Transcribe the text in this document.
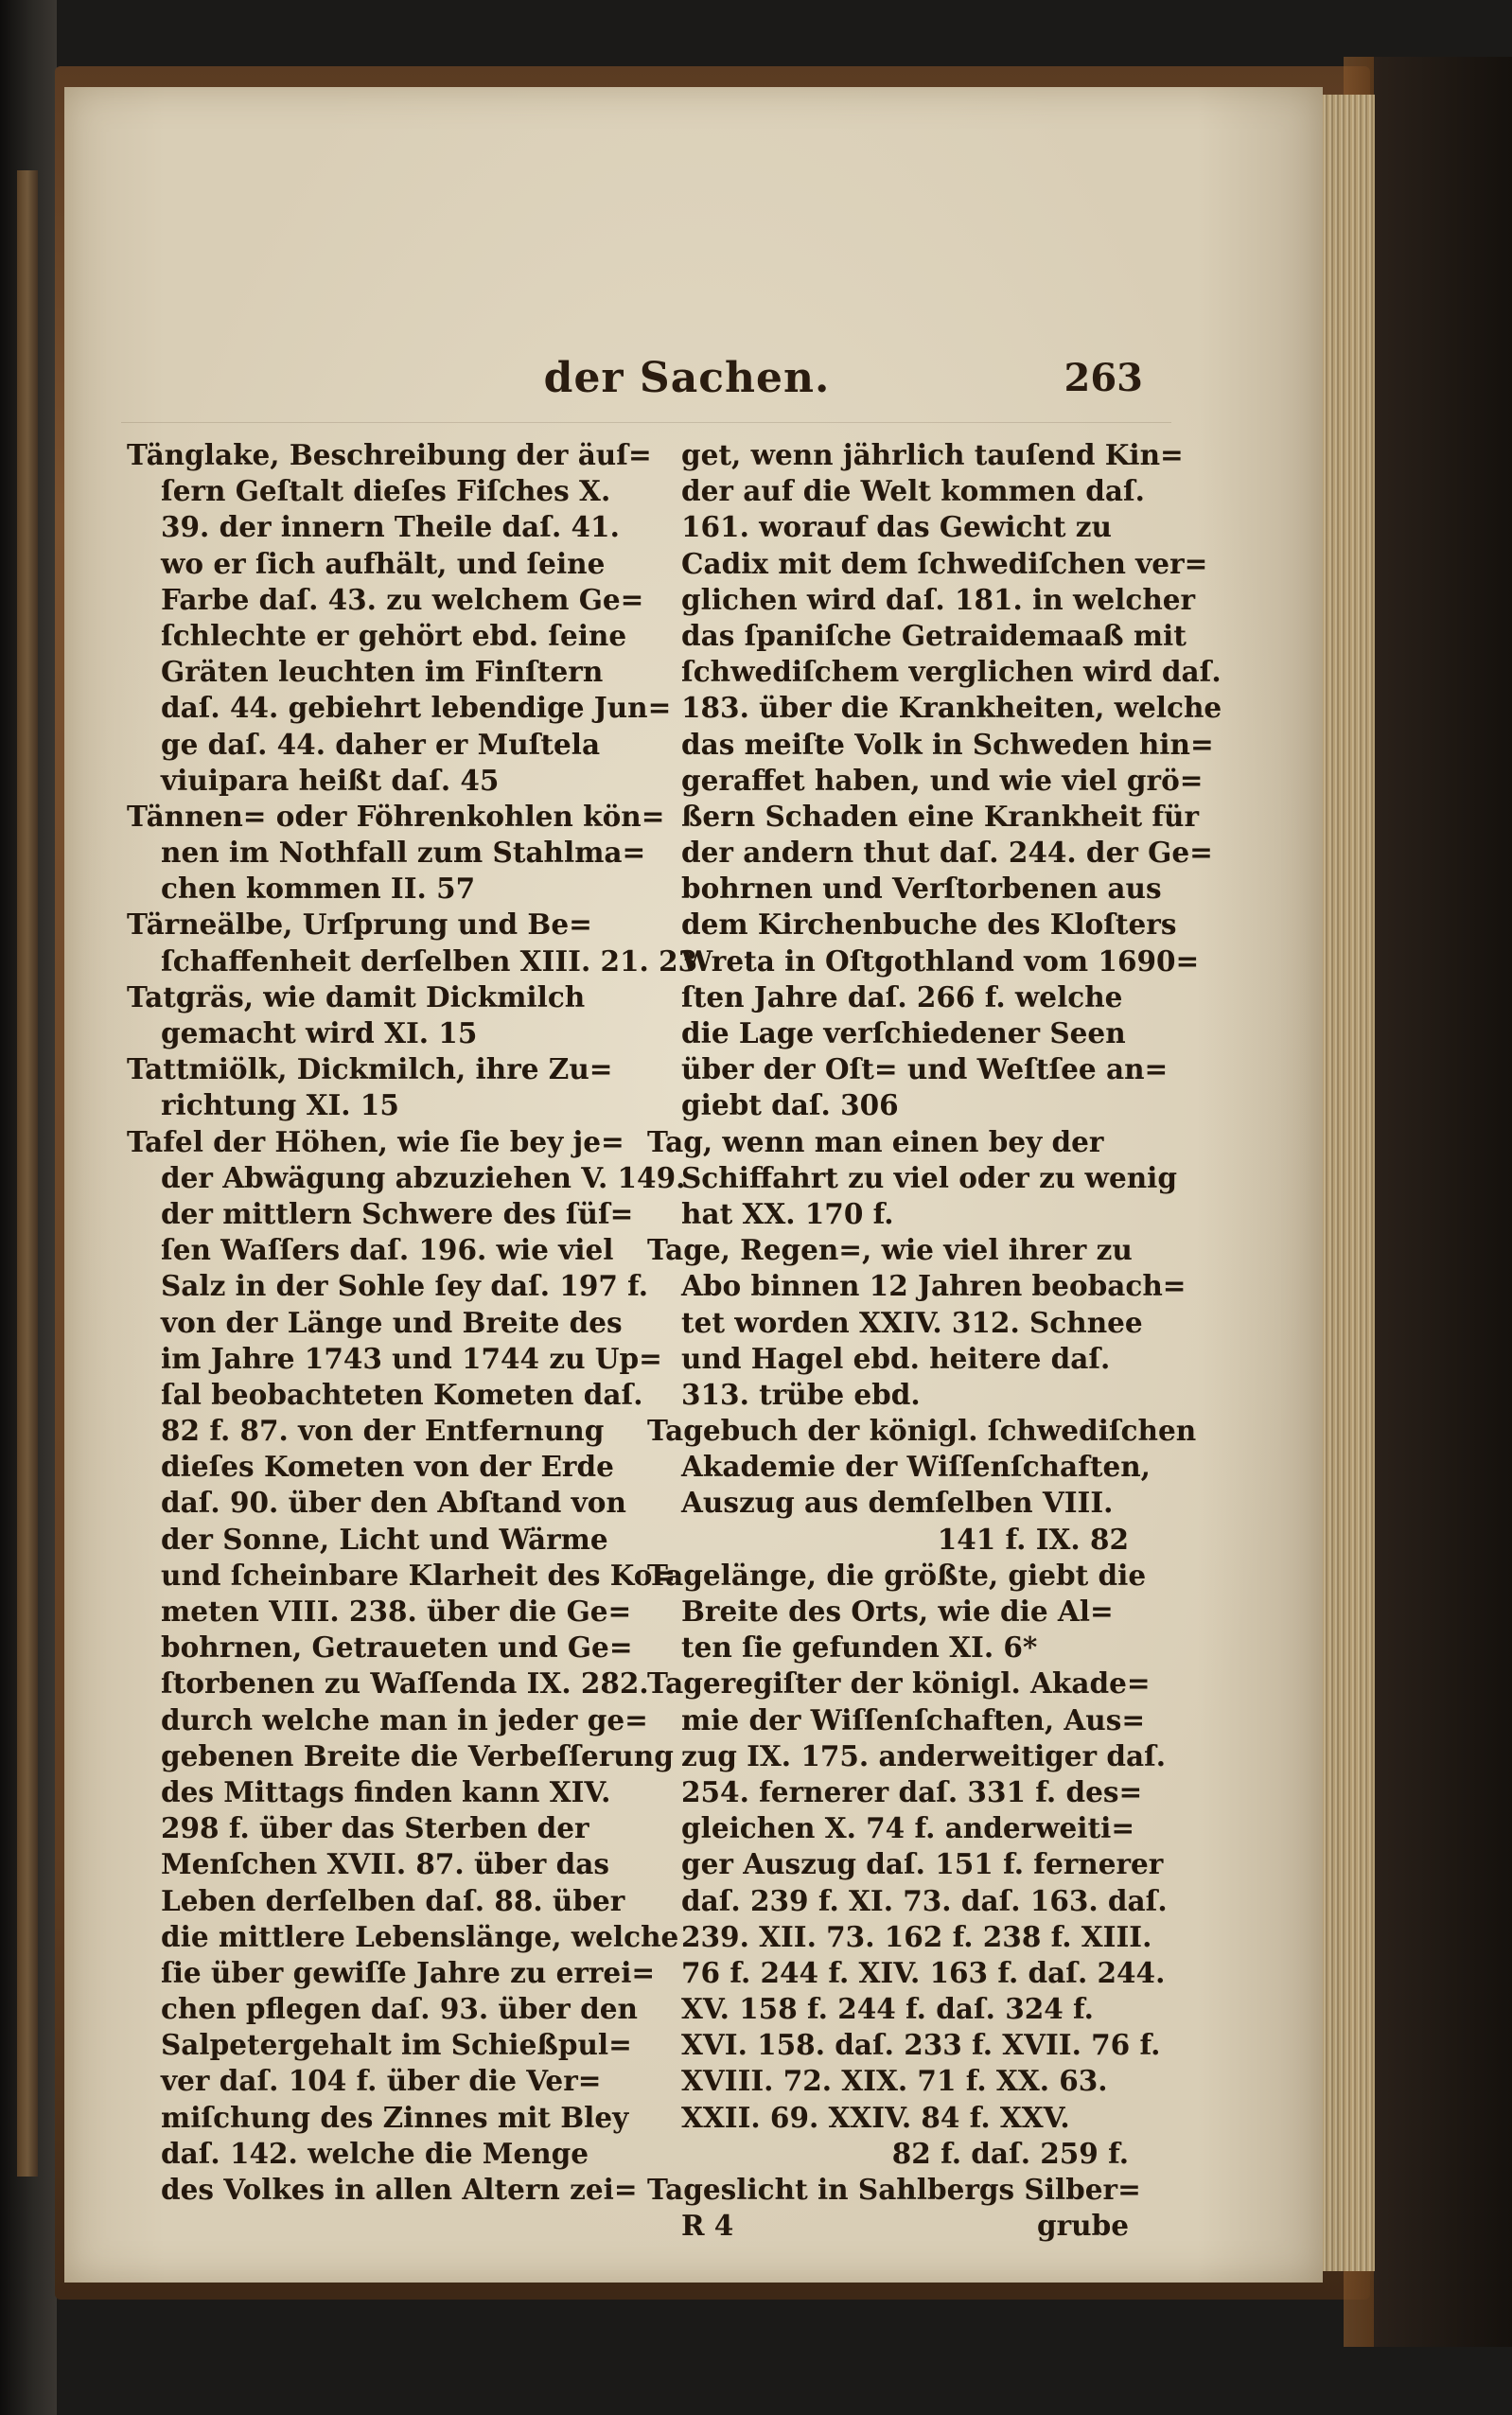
der Sachen.	263
Tänglake, Beschreibung der äuſ=
ſern Geſtalt dieſes Fiſches X.
39. der innern Theile daſ. 41.
wo er ſich aufhält, und ſeine
Farbe daſ. 43. zu welchem Ge=
ſchlechte er gehört ebd. ſeine
Gräten leuchten im Finſtern
daſ. 44. gebiehrt lebendige Jun=
ge daſ. 44. daher er Muſtela
viuipara heißt daſ. 45
Tännen= oder Föhrenkohlen kön=
nen im Nothfall zum Stahlma=
chen kommen II. 57
Tärneälbe, Urſprung und Be=
ſchaffenheit derſelben XIII. 21. 23
Tatgräs, wie damit Dickmilch
gemacht wird XI. 15
Tattmiölk, Dickmilch, ihre Zu=
richtung XI. 15
Tafel der Höhen, wie ſie bey je=
der Abwägung abzuziehen V. 149.
der mittlern Schwere des ſüſ=
ſen Waſſers daſ. 196. wie viel
Salz in der Sohle ſey daſ. 197 f.
von der Länge und Breite des
im Jahre 1743 und 1744 zu Up=
ſal beobachteten Kometen daſ.
82 f. 87. von der Entfernung
dieſes Kometen von der Erde
daſ. 90. über den Abſtand von
der Sonne, Licht und Wärme
und ſcheinbare Klarheit des Ko=
meten VIII. 238. über die Ge=
bohrnen, Getraueten und Ge=
ſtorbenen zu Waſſenda IX. 282.
durch welche man in jeder ge=
gebenen Breite die Verbeſſerung
des Mittags finden kann XIV.
298 f. über das Sterben der
Menſchen XVII. 87. über das
Leben derſelben daſ. 88. über
die mittlere Lebenslänge, welche
ſie über gewiſſe Jahre zu errei=
chen pflegen daſ. 93. über den
Salpetergehalt im Schießpul=
ver daſ. 104 f. über die Ver=
miſchung des Zinnes mit Bley
daſ. 142. welche die Menge
des Volkes in allen Altern zei=
get, wenn jährlich tauſend Kin=
der auf die Welt kommen daſ.
161. worauf das Gewicht zu
Cadix mit dem ſchwediſchen ver=
glichen wird daſ. 181. in welcher
das ſpaniſche Getraidemaaß mit
ſchwediſchem verglichen wird daſ.
183. über die Krankheiten, welche
das meiſte Volk in Schweden hin=
geraffet haben, und wie viel grö=
ßern Schaden eine Krankheit für
der andern thut daſ. 244. der Ge=
bohrnen und Verſtorbenen aus
dem Kirchenbuche des Kloſters
Wreta in Oſtgothland vom 1690=
ſten Jahre daſ. 266 f. welche
die Lage verſchiedener Seen
über der Oſt= und Weſtſee an=
giebt daſ. 306
Tag, wenn man einen bey der
Schiffahrt zu viel oder zu wenig
hat XX. 170 f.
Tage, Regen=, wie viel ihrer zu
Abo binnen 12 Jahren beobach=
tet worden XXIV. 312. Schnee
und Hagel ebd. heitere daſ.
313. trübe ebd.
Tagebuch der königl. ſchwediſchen
Akademie der Wiſſenſchaften,
Auszug aus demſelben VIII.
141 f. IX. 82
Tagelänge, die größte, giebt die
Breite des Orts, wie die Al=
ten ſie gefunden XI. 6*
Tageregiſter der königl. Akade=
mie der Wiſſenſchaften, Aus=
zug IX. 175. anderweitiger daſ.
254. fernerer daſ. 331 f. des=
gleichen X. 74 f. anderweiti=
ger Auszug daſ. 151 f. fernerer
daſ. 239 f. XI. 73. daſ. 163. daſ.
239. XII. 73. 162 f. 238 f. XIII.
76 f. 244 f. XIV. 163 f. daſ. 244.
XV. 158 f. 244 f. daſ. 324 f.
XVI. 158. daſ. 233 f. XVII. 76 f.
XVIII. 72. XIX. 71 f. XX. 63.
XXII. 69. XXIV. 84 f. XXV.
82 f. daſ. 259 f.
Tageslicht in Sahlbergs Silber=
R 4	grube
